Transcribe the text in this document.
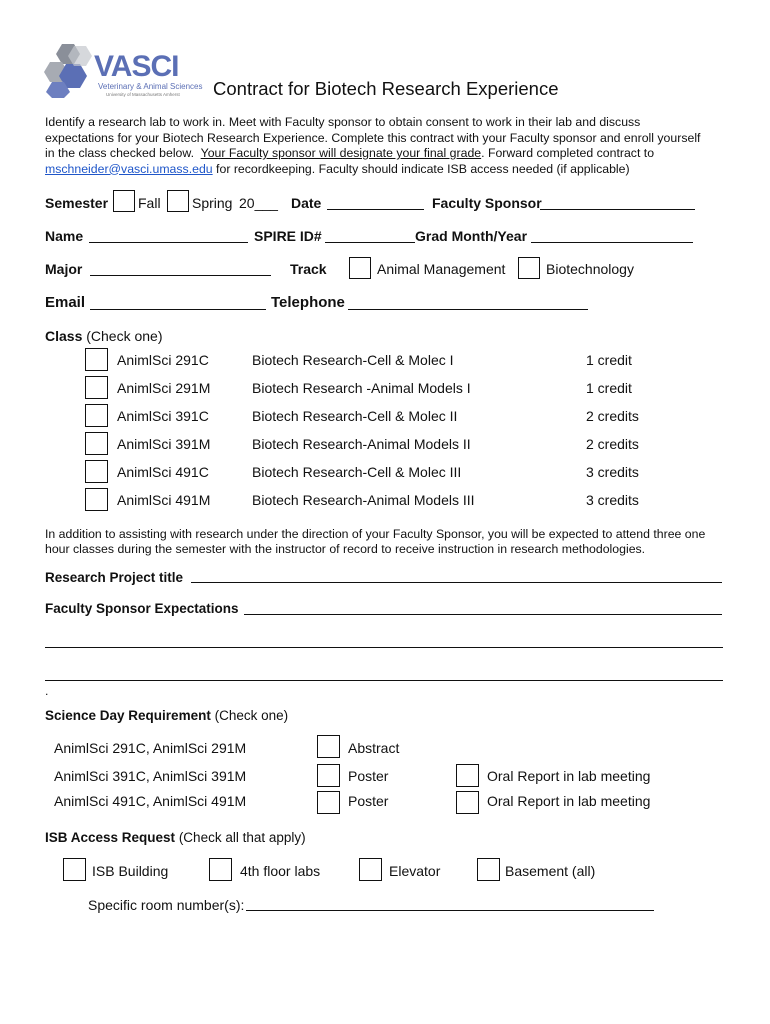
VASCI
Veterinary & Animal Sciences
University of Massachusetts Amherst Contract for Biotech Research Experience
Identify a research lab to work in. Meet with Faculty sponsor to obtain consent to work in their lab and discuss
expectations for your Biotech Research Experience. Complete this contract with your Faculty sponsor and enroll yourself
in the class checked below.  Your Faculty sponsor will designate your final grade. Forward completed contract to
mschneider@vasci.umass.edu for recordkeeping. Faculty should indicate ISB access needed (if applicable)
Semester Fall Spring 20___ Date	Faculty Sponsor
Name	SPIRE ID#	Grad Month/Year
Major	Track	Animal Management	Biotechnology
Email	Telephone
Class (Check one)
AnimlSci 291C	Biotech Research-Cell & Molec I	1 credit
AnimlSci 291M	Biotech Research -Animal Models I	1 credit
AnimlSci 391C	Biotech Research-Cell & Molec II	2 credits
AnimlSci 391M	Biotech Research-Animal Models II	2 credits
AnimlSci 491C	Biotech Research-Cell & Molec III	3 credits
AnimlSci 491M	Biotech Research-Animal Models III	3 credits
In addition to assisting with research under the direction of your Faculty Sponsor, you will be expected to attend three one
hour classes during the semester with the instructor of record to receive instruction in research methodologies.
Research Project title
Faculty Sponsor Expectations
.
Science Day Requirement (Check one)
AnimlSci 291C, AnimlSci 291M	Abstract
AnimlSci 391C, AnimlSci 391M	Poster	Oral Report in lab meeting
AnimlSci 491C, AnimlSci 491M	Poster	Oral Report in lab meeting
ISB Access Request (Check all that apply)
ISB Building	4th floor labs	Elevator	Basement (all)
Specific room number(s):
